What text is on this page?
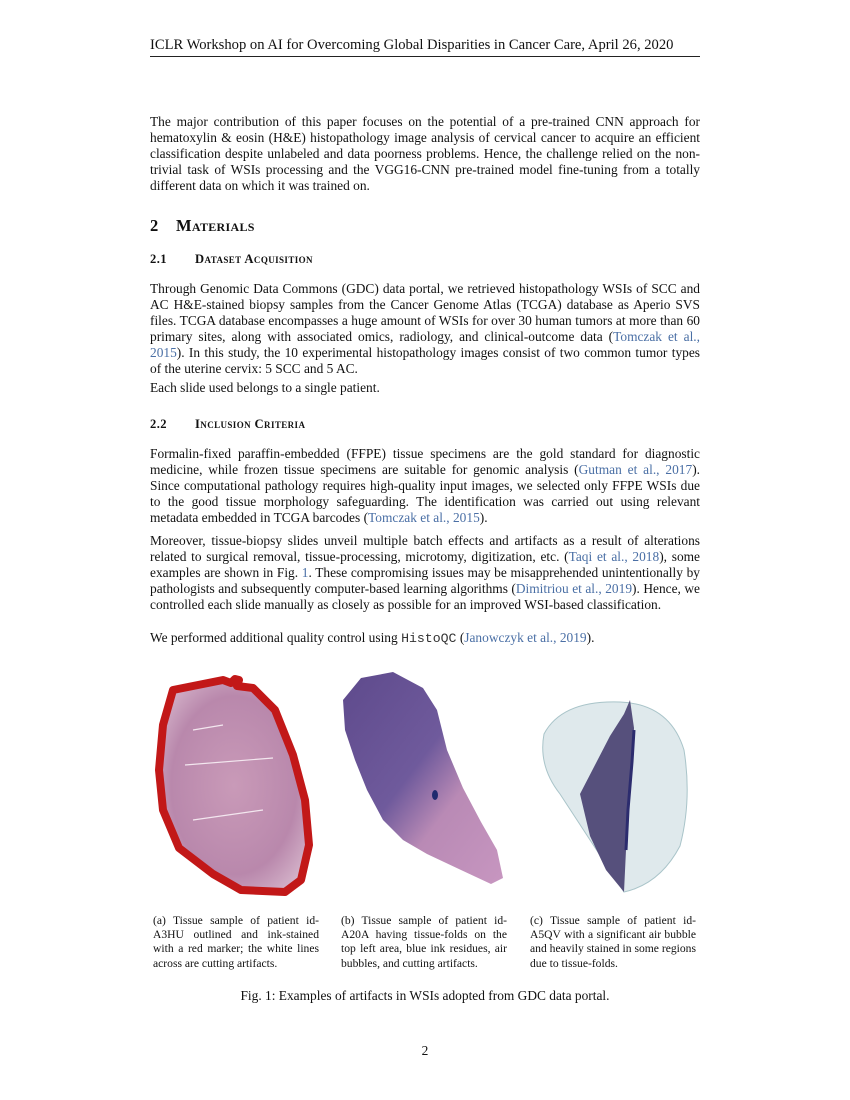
ICLR Workshop on AI for Overcoming Global Disparities in Cancer Care, April 26, 2020

The major contribution of this paper focuses on the potential of a pre-trained CNN approach for hematoxylin & eosin (H&E) histopathology image analysis of cervical cancer to acquire an efficient classification despite unlabeled and data poorness problems. Hence, the challenge relied on the non-trivial task of WSIs processing and the VGG16-CNN pre-trained model fine-tuning from a totally different data on which it was trained on.

2 Materials
2.1 Dataset Acquisition

Through Genomic Data Commons (GDC) data portal, we retrieved histopathology WSIs of SCC and AC H&E-stained biopsy samples from the Cancer Genome Atlas (TCGA) database as Aperio SVS files. TCGA database encompasses a huge amount of WSIs for over 30 human tumors at more than 60 primary sites, along with associated omics, radiology, and clinical-outcome data (Tomczak et al., 2015). In this study, the 10 experimental histopathology images consist of two common tumor types of the uterine cervix: 5 SCC and 5 AC.

Each slide used belongs to a single patient.

2.2 Inclusion Criteria

Formalin-fixed paraffin-embedded (FFPE) tissue specimens are the gold standard for diagnostic medicine, while frozen tissue specimens are suitable for genomic analysis (Gutman et al., 2017). Since computational pathology requires high-quality input images, we selected only FFPE WSIs due to the good tissue morphology safeguarding. The identification was carried out using relevant metadata embedded in TCGA barcodes (Tomczak et al., 2015).

Moreover, tissue-biopsy slides unveil multiple batch effects and artifacts as a result of alterations related to surgical removal, tissue-processing, microtomy, digitization, etc. (Taqi et al., 2018), some examples are shown in Fig. 1. These compromising issues may be misapprehended unintentionally by pathologists and subsequently computer-based learning algorithms (Dimitriou et al., 2019). Hence, we controlled each slide manually as closely as possible for an improved WSI-based classification.

We performed additional quality control using HistoQC (Janowczyk et al., 2019).

(a) Tissue sample of patient id-A3HU outlined and ink-stained with a red marker; the white lines across are cutting artifacts.

(b) Tissue sample of patient id-A20A having tissue-folds on the top left area, blue ink residues, air bubbles, and cutting artifacts.

(c) Tissue sample of patient id-A5QV with a significant air bubble and heavily stained in some regions due to tissue-folds.

Fig. 1: Examples of artifacts in WSIs adopted from GDC data portal.

2
